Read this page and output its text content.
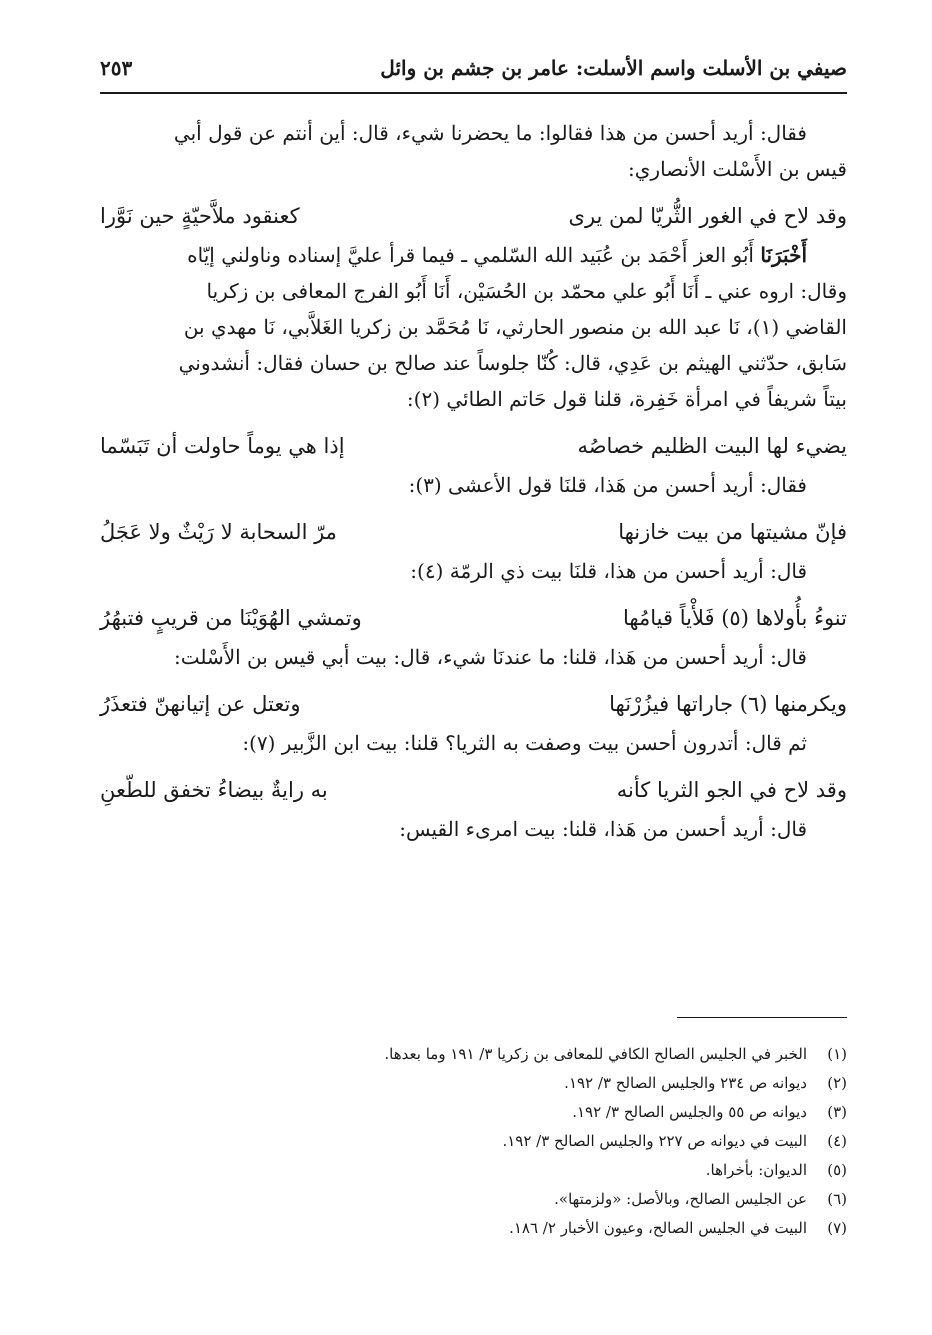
صيفي بن الأسلت واسم الأسلت: عامر بن جشم بن وائل
٢٥٣
فقال: أريد أحسن من هذا فقالوا: ما يحضرنا شيء، قال: أين أنتم عن قول أبي
قيس بن الأَسْلت الأنصاري:
وقد لاح في الغور الثُّريّا لمن يرى
كعنقود ملاَّحيّةٍ حين نَوَّرا
أَخْبَرَنَا أَبُو العز أَحْمَد بن عُبَيد الله السّلمي ـ فيما قرأ عليَّ إسناده وناولني إيّاه
وقال: اروه عني ـ أَنَا أَبُو علي محمّد بن الحُسَيْن، أَنَا أَبُو الفرج المعافى بن زكريا
القاضي (١)، نَا عبد الله بن منصور الحارثي، نَا مُحَمَّد بن زكريا الغَلاَّبي، نَا مهدي بن
سَابق، حدّثني الهيثم بن عَدِي، قال: كُنّا جلوساً عند صالح بن حسان فقال: أنشدوني
بيتاً شريفاً في امرأة خَفِرة، قلنا قول حَاتم الطائي (٢):
يضيء لها البيت الظليم خصاصُه
إذا هي يوماً حاولت أن تَبَسّما
فقال: أريد أحسن من هَذا، قلنَا قول الأعشى (٣):
فإنّ مشيتها من بيت خازنها
مرّ السحابة لا رَيْثٌ ولا عَجَلُ
قال: أريد أحسن من هذا، قلنَا بيت ذي الرمّة (٤):
تنوءُ بأُولاها (٥) فَلأْياً قيامُها
وتمشي الهُوَيْنَا من قريبٍ فتبهُرُ
قال: أريد أحسن من هَذا، قلنا: ما عندنَا شيء، قال: بيت أبي قيس بن الأَسْلت:
ويكرمنها (٦) جاراتها فيزُرْنَها
وتعتل عن إتيانهنّ فتعذَرُ
ثم قال: أتدرون أحسن بيت وصفت به الثريا؟ قلنا: بيت ابن الزَّبير (٧):
وقد لاح في الجو الثريا كأنه
به رايةٌ بيضاءُ تخفق للطّعنِ
قال: أريد أحسن من هَذا، قلنا: بيت امرىء القيس:
(١)
الخبر في الجليس الصالح الكافي للمعافى بن زكريا ٣/ ١٩١ وما بعدها.
(٢)
ديوانه ص ٢٣٤ والجليس الصالح ٣/ ١٩٢.
(٣)
ديوانه ص ٥٥ والجليس الصالح ٣/ ١٩٢.
(٤)
البيت في ديوانه ص ٢٢٧ والجليس الصالح ٣/ ١٩٢.
(٥)
الديوان: بأخراها.
(٦)
عن الجليس الصالح، وبالأصل: «ولزمتها».
(٧)
البيت في الجليس الصالح، وعيون الأخبار ٢/ ١٨٦.
